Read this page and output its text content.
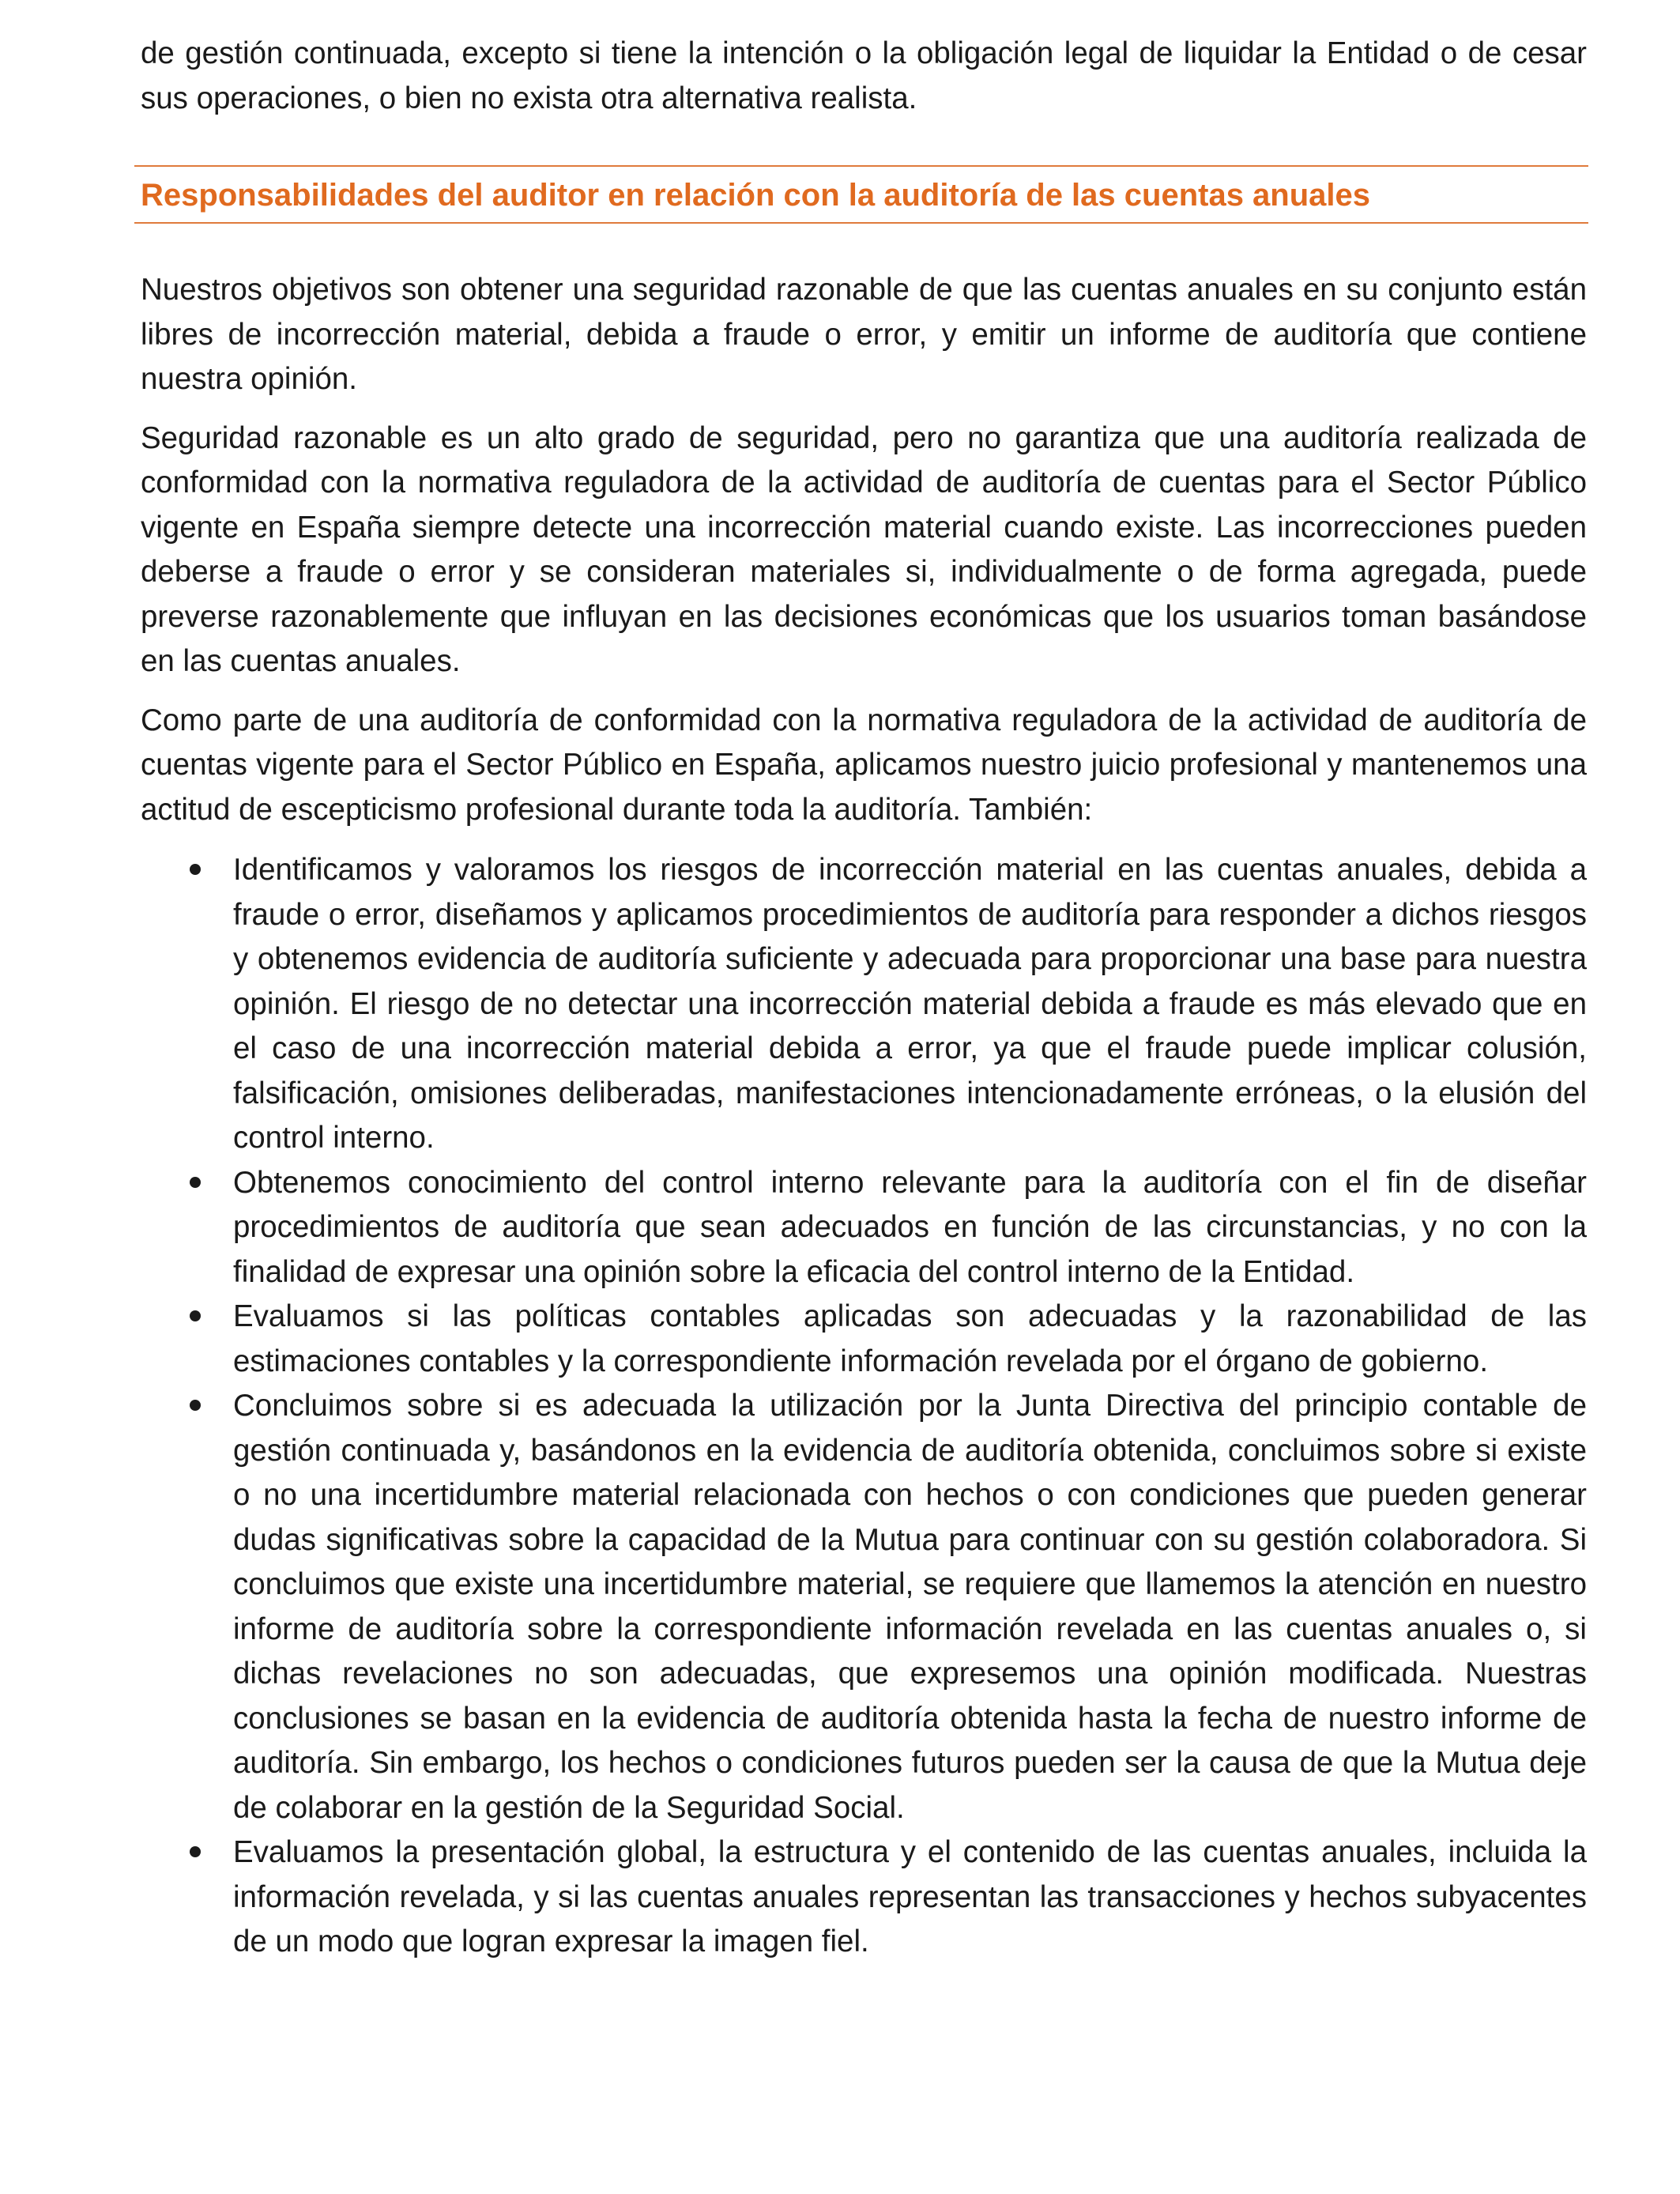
de gestión continuada, excepto si tiene la intención o la obligación legal de liquidar la Entidad o de cesar sus operaciones, o bien no exista otra alternativa realista.

Responsabilidades del auditor en relación con la auditoría de las cuentas anuales

Nuestros objetivos son obtener una seguridad razonable de que las cuentas anuales en su conjunto están libres de incorrección material, debida a fraude o error, y emitir un informe de auditoría que contiene nuestra opinión.

Seguridad razonable es un alto grado de seguridad, pero no garantiza que una auditoría realizada de conformidad con la normativa reguladora de la actividad de auditoría de cuentas para el Sector Público vigente en España siempre detecte una incorrección material cuando existe. Las incorrecciones pueden deberse a fraude o error y se consideran materiales si, individualmente o de forma agregada, puede preverse razonablemente que influyan en las decisiones económicas que los usuarios toman basándose en las cuentas anuales.

Como parte de una auditoría de conformidad con la normativa reguladora de la actividad de auditoría de cuentas vigente para el Sector Público en España, aplicamos nuestro juicio profesional y mantenemos una actitud de escepticismo profesional durante toda la auditoría. También:

Identificamos y valoramos los riesgos de incorrección material en las cuentas anuales, debida a fraude o error, diseñamos y aplicamos procedimientos de auditoría para responder a dichos riesgos y obtenemos evidencia de auditoría suficiente y adecuada para proporcionar una base para nuestra opinión. El riesgo de no detectar una incorrección material debida a fraude es más elevado que en el caso de una incorrección material debida a error, ya que el fraude puede implicar colusión, falsificación, omisiones deliberadas, manifestaciones intencionadamente erróneas, o la elusión del control interno.

Obtenemos conocimiento del control interno relevante para la auditoría con el fin de diseñar procedimientos de auditoría que sean adecuados en función de las circunstancias, y no con la finalidad de expresar una opinión sobre la eficacia del control interno de la Entidad.

Evaluamos si las políticas contables aplicadas son adecuadas y la razonabilidad de las estimaciones contables y la correspondiente información revelada por el órgano de gobierno.

Concluimos sobre si es adecuada la utilización por la Junta Directiva del principio contable de gestión continuada y, basándonos en la evidencia de auditoría obtenida, concluimos sobre si existe o no una incertidumbre material relacionada con hechos o con condiciones que pueden generar dudas significativas sobre la capacidad de la Mutua para continuar con su gestión colaboradora. Si concluimos que existe una incertidumbre material, se requiere que llamemos la atención en nuestro informe de auditoría sobre la correspondiente información revelada en las cuentas anuales o, si dichas revelaciones no son adecuadas, que expresemos una opinión modificada. Nuestras conclusiones se basan en la evidencia de auditoría obtenida hasta la fecha de nuestro informe de auditoría. Sin embargo, los hechos o condiciones futuros pueden ser la causa de que la Mutua deje de colaborar en la gestión de la Seguridad Social.

Evaluamos la presentación global, la estructura y el contenido de las cuentas anuales, incluida la información revelada, y si las cuentas anuales representan las transacciones y hechos subyacentes de un modo que logran expresar la imagen fiel.
